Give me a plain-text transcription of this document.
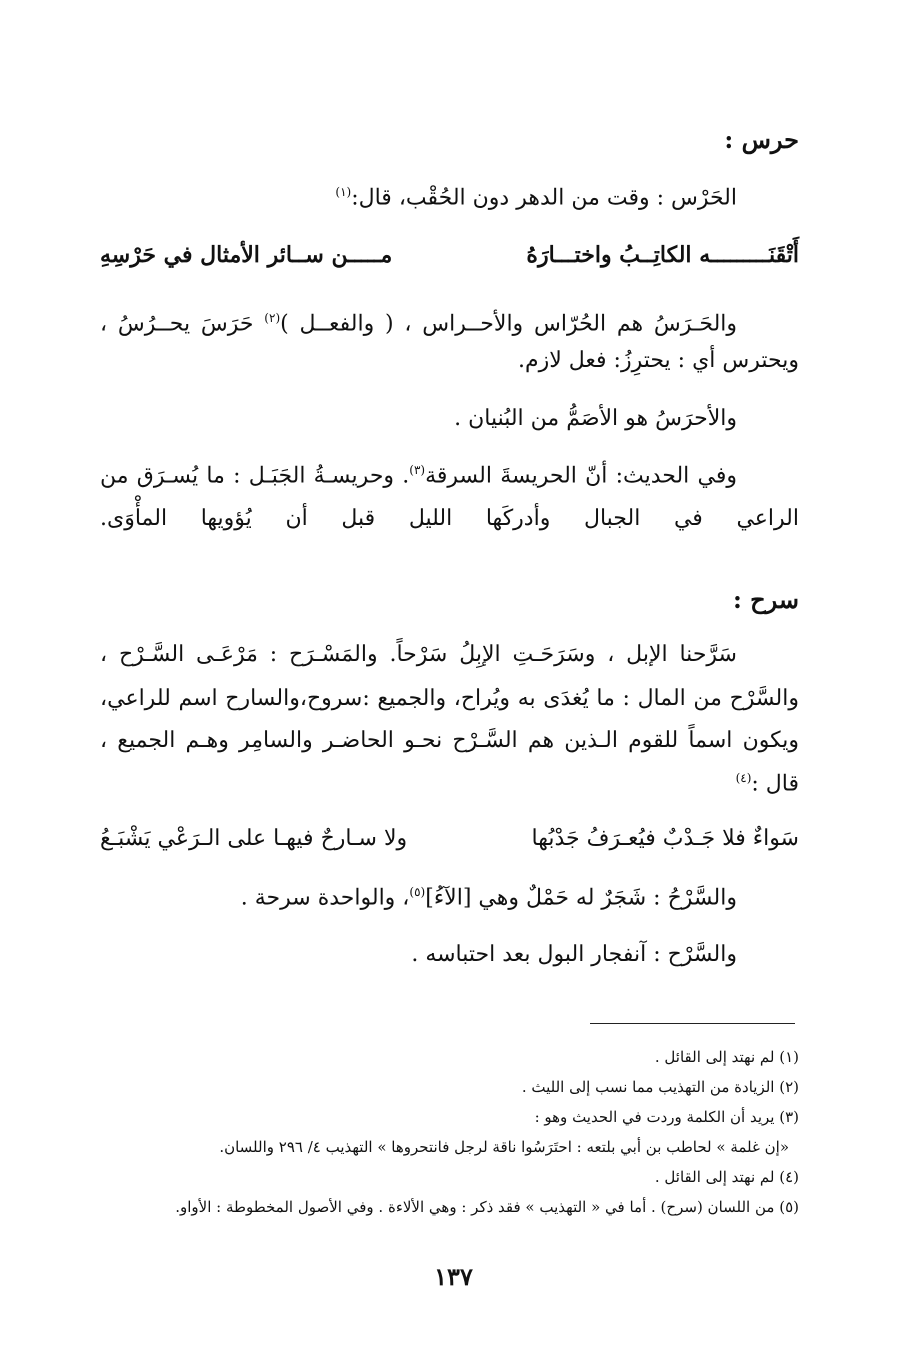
حرس :
الحَرْس : وقت من الدهر دون الحُقْب، قال:$^{(١)}$
أَتْقَنَـــــــــه الكاتِــبُ واختـــارَهُ
مـــــن ســائر الأمثال في حَرْسِهِ
والحَـرَسُ هم الحُرّاس والأحــراس ، ( والفعــل )$^{(٢)}$ حَرَسَ يحــرُسُ ،
ويحترس أي : يحترِزُ: فعل لازم.
والأحرَسُ هو الأصَمُّ من البُنيان .
وفي الحديث: أنّ الحريسةَ السرقة$^{(٣)}$. وحريسـةُ الجَبَـل : ما يُسـرَق من
الراعي في الجبال وأدركَها الليل قبل أن يُؤويها المأْوَى.
سرح :
سَرَّحنا الإبل ، وسَرَحَـتِ الإبِلُ سَرْحاً. والمَسْـرَح : مَرْعَـى السَّـرْح ،
والسَّرْح من المال : ما يُغدَى به ويُراح، والجميع :سروح،والسارح اسم للراعي،
ويكون اسماً للقوم الـذين هم السَّـرْح نحـو الحاضـر والسامِر وهـم الجميع ،
قال :$^{(٤)}$
سَواءٌ فلا جَـدْبٌ فيُعـرَفُ جَدْبُها
ولا سـارحٌ فيهـا على الـرَعْي يَشْبَـعُ
والسَّرْحُ : شَجَرٌ له حَمْلٌ وهي [الآءُ]$^{(٥)}$، والواحدة سرحة .
والسَّرْح : آنفجار البول بعد احتباسه .
(١) لم نهتد إلى القائل .
(٢) الزيادة من التهذيب مما نسب إلى الليث .
(٣) يريد أن الكلمة وردت في الحديث وهو :
«إن غلمة » لحاطب بن أبي بلتعه : احتَرَسُوا ناقة لرجل فانتحروها » التهذيب ٤/ ٢٩٦ واللسان.
(٤) لم نهتد إلى القائل .
(٥) من اللسان (سرح) . أما في « التهذيب » فقد ذكر : وهي الألاءة . وفي الأصول المخطوطة : الأواو.
١٣٧
